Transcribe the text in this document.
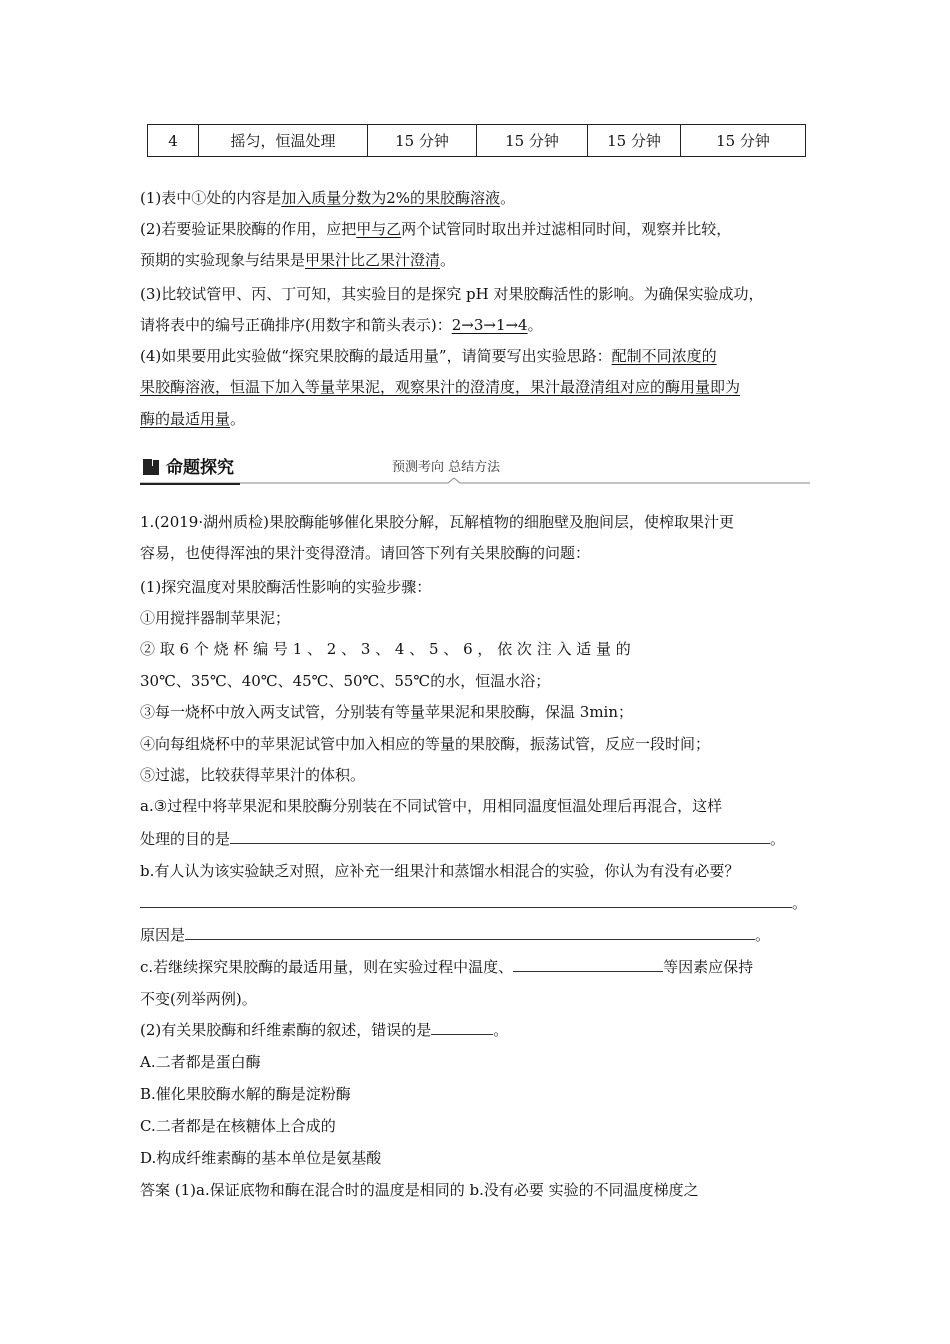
4	摇匀，恒温处理	15 分钟	15 分钟	15 分钟	15 分钟
(1)表中①处的内容是加入质量分数为2%的果胶酶溶液。
(2)若要验证果胶酶的作用，应把甲与乙两个试管同时取出并过滤相同时间，观察并比较，
预期的实验现象与结果是甲果汁比乙果汁澄清。
(3)比较试管甲、丙、丁可知，其实验目的是探究 pH 对果胶酶活性的影响。为确保实验成功，
请将表中的编号正确排序(用数字和箭头表示)：2→3→1→4。
(4)如果要用此实验做“探究果胶酶的最适用量”，请简要写出实验思路：配制不同浓度的
果胶酶溶液，恒温下加入等量苹果泥，观察果汁的澄清度，果汁最澄清组对应的酶用量即为
酶的最适用量。
命题探究	预测考向 总结方法
1.(2019·湖州质检)果胶酶能够催化果胶分解，瓦解植物的细胞壁及胞间层，使榨取果汁更
容易，也使得浑浊的果汁变得澄清。请回答下列有关果胶酶的问题：
(1)探究温度对果胶酶活性影响的实验步骤：
①用搅拌器制苹果泥；
② 取 6 个 烧 杯 编 号 1 、 2 、 3 、 4 、 5 、 6 ， 依 次 注 入 适 量 的
30℃、35℃、40℃、45℃、50℃、55℃的水，恒温水浴；
③每一烧杯中放入两支试管，分别装有等量苹果泥和果胶酶，保温 3min；
④向每组烧杯中的苹果泥试管中加入相应的等量的果胶酶，振荡试管，反应一段时间；
⑤过滤，比较获得苹果汁的体积。
a.③过程中将苹果泥和果胶酶分别装在不同试管中，用相同温度恒温处理后再混合，这样
处理的目的是	。
b.有人认为该实验缺乏对照，应补充一组果汁和蒸馏水相混合的实验，你认为有没有必要？
。
原因是	。
c.若继续探究果胶酶的最适用量，则在实验过程中温度、	等因素应保持
不变(列举两例)。
(2)有关果胶酶和纤维素酶的叙述，错误的是	。
A.二者都是蛋白酶
B.催化果胶酶水解的酶是淀粉酶
C.二者都是在核糖体上合成的
D.构成纤维素酶的基本单位是氨基酸
答案 (1)a.保证底物和酶在混合时的温度是相同的 b.没有必要 实验的不同温度梯度之
